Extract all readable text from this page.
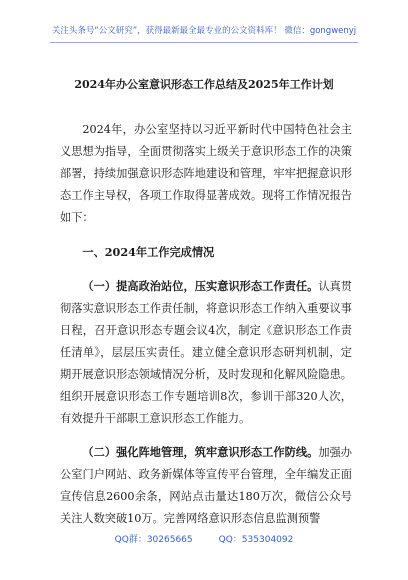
关注头条号“公文研究”，获得最新最全最专业的公文资料库！ 微信：gongwenyj
2024年办公室意识形态工作总结及2025年工作计划

2024年，办公室坚持以习近平新时代中国特色社会主义思想为指导，全面贯彻落实上级关于意识形态工作的决策部署，持续加强意识形态阵地建设和管理，牢牢把握意识形态工作主导权，各项工作取得显著成效。现将工作情况报告如下：

一、2024年工作完成情况

（一）提高政治站位，压实意识形态工作责任。认真贯彻落实意识形态工作责任制，将意识形态工作纳入重要议事日程，召开意识形态专题会议4次，制定《意识形态工作责任清单》，层层压实责任。建立健全意识形态研判机制，定期开展意识形态领域情况分析，及时发现和化解风险隐患。组织开展意识形态工作专题培训8次，参训干部320人次，有效提升干部职工意识形态工作能力。

（二）强化阵地管理，筑牢意识形态工作防线。加强办公室门户网站、政务新媒体等宣传平台管理，全年编发正面宣传信息2600余条，网站点击量达180万次，微信公众号关注人数突破10万。完善网络意识形态信息监测预警

QQ群：30265665	QQ：535304092
